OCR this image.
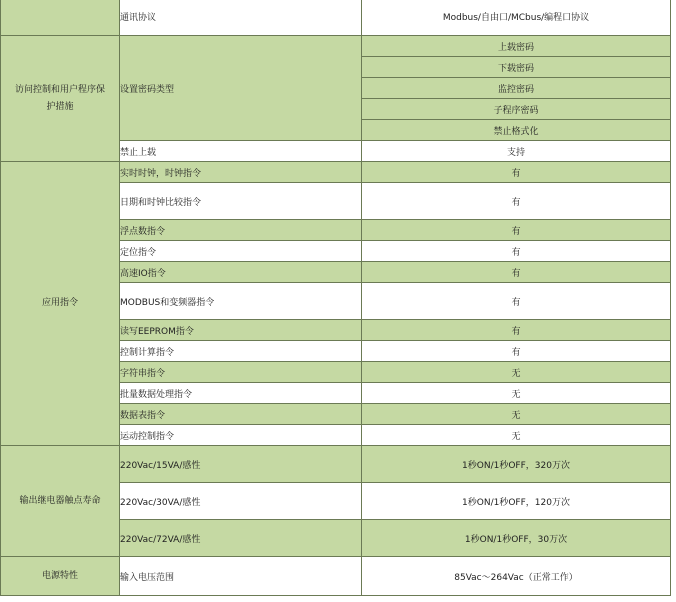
	通讯协议	Modbus/自由口/MCbus/编程口协议
访问控制和用户程序保护措施	设置密码类型	上载密码
		下载密码
		监控密码
		子程序密码
		禁止格式化
	禁止上载	支持
应用指令	实时时钟，时钟指令	有
	日期和时钟比较指令	有
	浮点数指令	有
	定位指令	有
	高速IO指令	有
	MODBUS和变频器指令	有
	读写EEPROM指令	有
	控制计算指令	有
	字符串指令	无
	批量数据处理指令	无
	数据表指令	无
	运动控制指令	无
输出继电器触点寿命	220Vac/15VA/感性	1秒ON/1秒OFF，320万次
	220Vac/30VA/感性	1秒ON/1秒OFF，120万次
	220Vac/72VA/感性	1秒ON/1秒OFF，30万次
电源特性	输入电压范围	85Vac～264Vac（正常工作）
